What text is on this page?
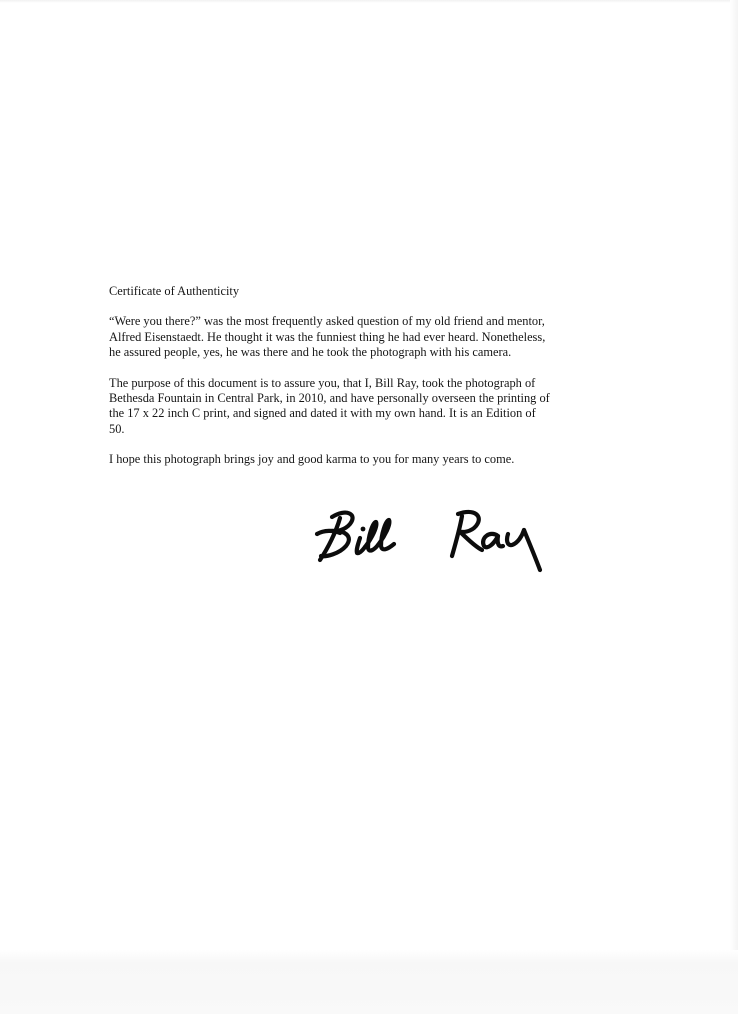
Certificate of Authenticity

“Were you there?” was the most frequently asked question of my old friend and mentor,
Alfred Eisenstaedt. He thought it was the funniest thing he had ever heard. Nonetheless,
he assured people, yes, he was there and he took the photograph with his camera.

The purpose of this document is to assure you, that I, Bill Ray, took the photograph of
Bethesda Fountain in Central Park, in 2010, and have personally overseen the printing of
the 17 x 22 inch C print, and signed and dated it with my own hand. It is an Edition of
50.

I hope this photograph brings joy and good karma to you for many years to come.
